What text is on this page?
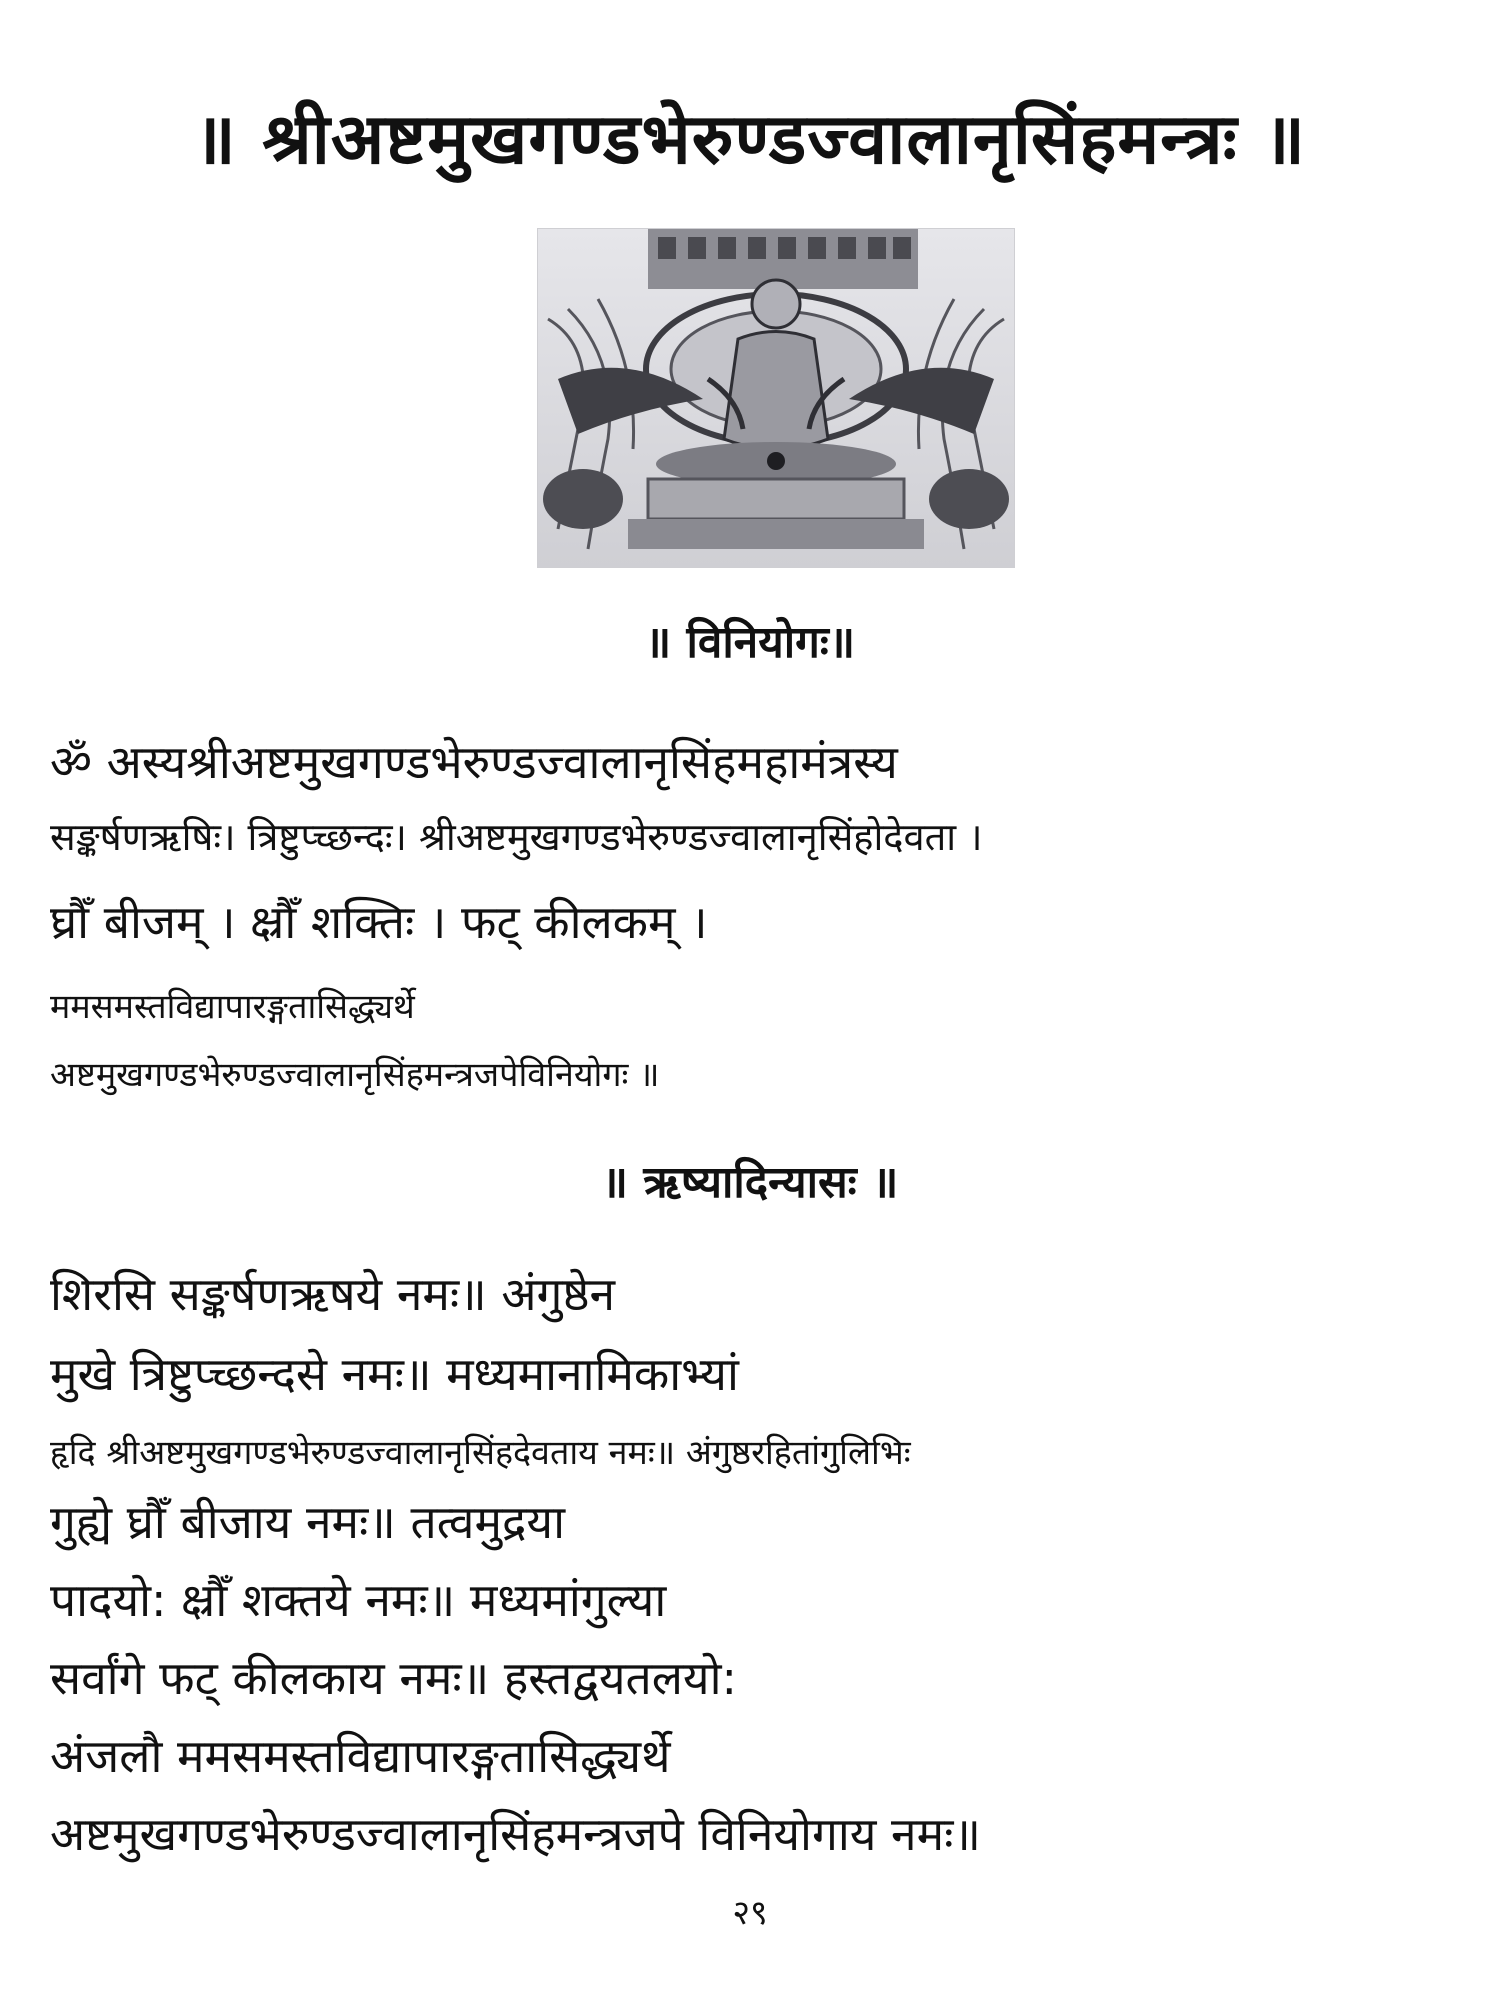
॥ श्रीअष्टमुखगण्डभेरुण्डज्वालानृसिंहमन्त्रः ॥
॥ विनियोगः॥
ॐ अस्यश्रीअष्टमुखगण्डभेरुण्डज्वालानृसिंहमहामंत्रस्य
सङ्कर्षणऋषिः। त्रिष्टुप्च्छन्दः। श्रीअष्टमुखगण्डभेरुण्डज्वालानृसिंहोदेवता ।
घ्रौँ बीजम् । क्ष्रौँ शक्तिः । फट् कीलकम् ।
ममसमस्तविद्यापारङ्गतासिद्ध्यर्थे
अष्टमुखगण्डभेरुण्डज्वालानृसिंहमन्त्रजपेविनियोगः ॥
॥ ऋष्यादिन्यासः ॥
शिरसि सङ्कर्षणऋषये नमः॥ अंगुष्ठेन
मुखे त्रिष्टुप्च्छन्दसे नमः॥ मध्यमानामिकाभ्यां
हृदि श्रीअष्टमुखगण्डभेरुण्डज्वालानृसिंहदेवताय नमः॥ अंगुष्ठरहितांगुलिभिः
गुह्ये घ्रौँ बीजाय नमः॥ तत्वमुद्रया
पादयो: क्ष्रौँ शक्तये नमः॥ मध्यमांगुल्या
सर्वांगे फट् कीलकाय नमः॥ हस्तद्वयतलयो:
अंजलौ ममसमस्तविद्यापारङ्गतासिद्ध्यर्थे
अष्टमुखगण्डभेरुण्डज्वालानृसिंहमन्त्रजपे विनियोगाय नमः॥
२९
